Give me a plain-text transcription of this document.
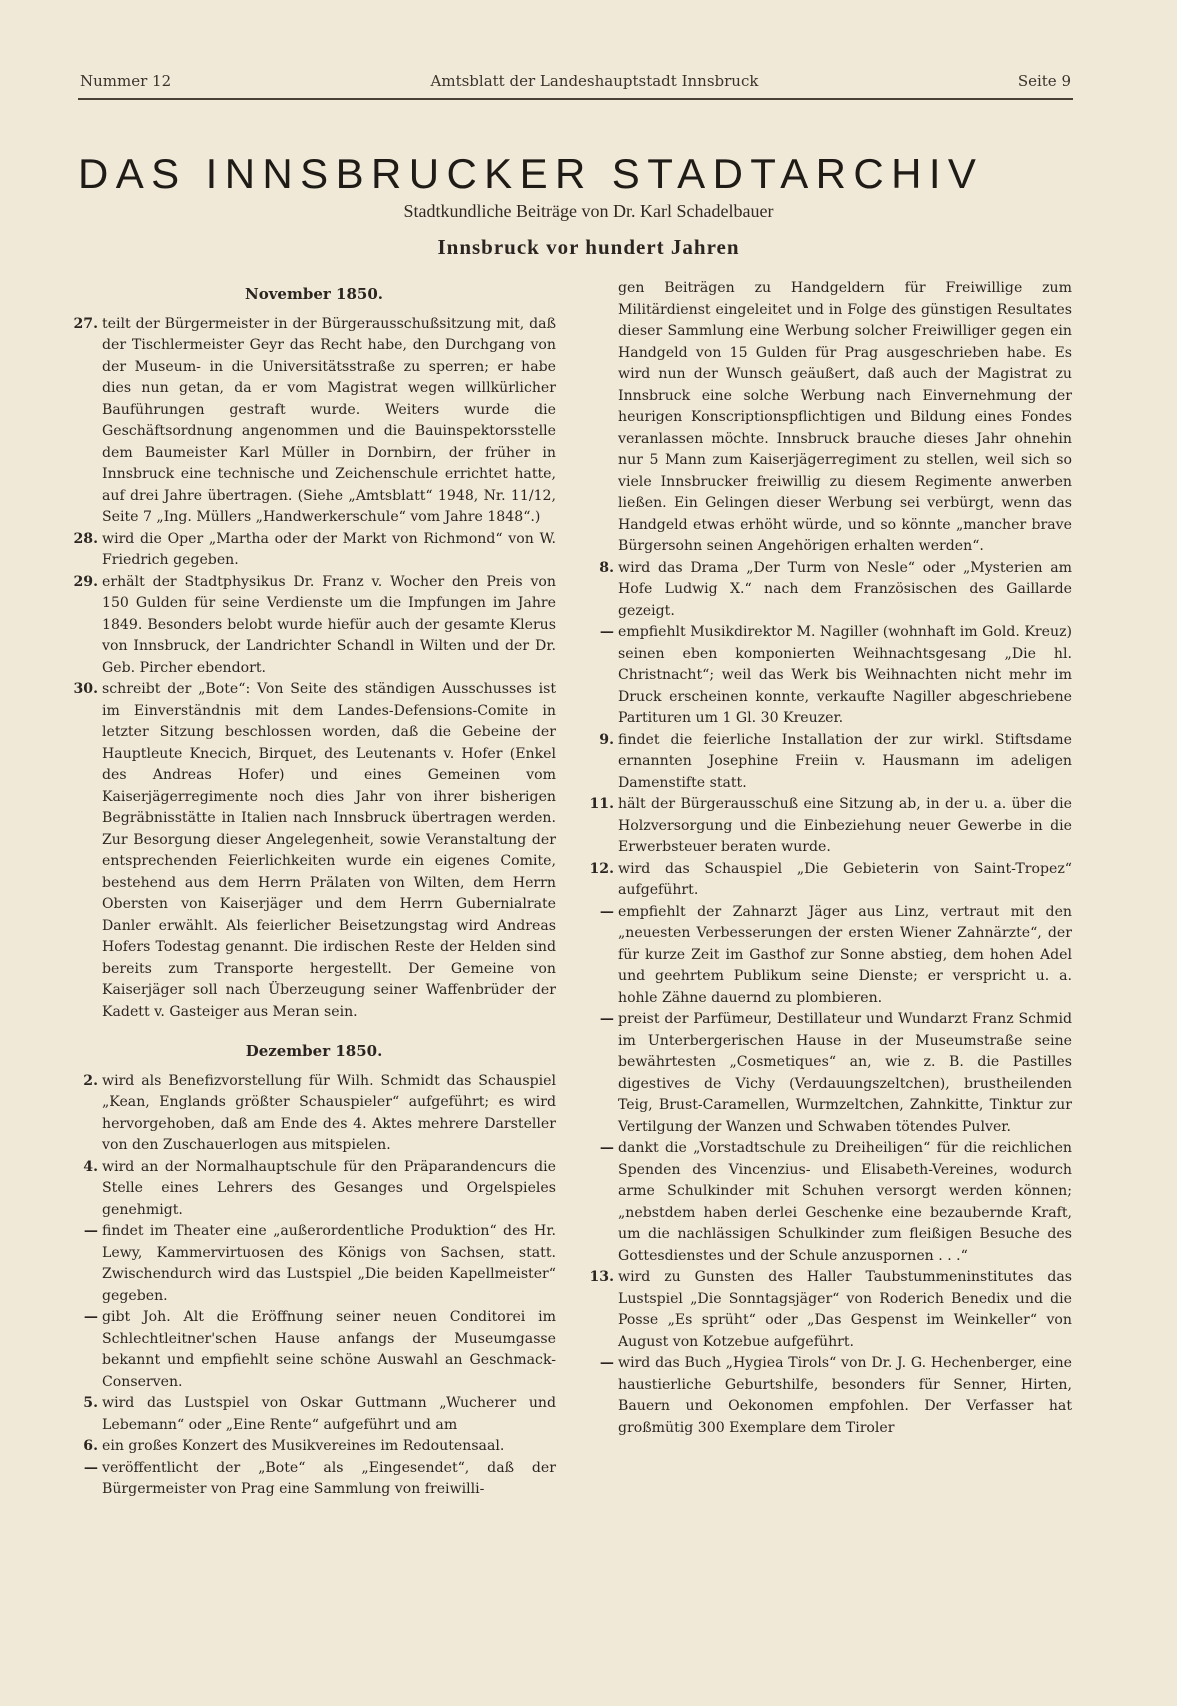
Nummer 12	Amtsblatt der Landeshauptstadt Innsbruck	Seite 9
DAS INNSBRUCKER STADTARCHIV
Stadtkundliche Beiträge von Dr. Karl Schadelbauer
Innsbruck vor hundert Jahren
November 1850.

27. teilt der Bürgermeister in der Bürgerausschußsitzung mit, daß der Tischlermeister Geyr das Recht habe, den Durchgang von der Museum- in die Universitätsstraße zu sperren; er habe dies nun getan, da er vom Magistrat wegen willkürlicher Bauführungen gestraft wurde. Weiters wurde die Geschäftsordnung angenommen und die Bauinspektorsstelle dem Baumeister Karl Müller in Dornbirn, der früher in Innsbruck eine technische und Zeichenschule errichtet hatte, auf drei Jahre übertragen. (Siehe „Amtsblatt“ 1948, Nr. 11/12, Seite 7 „Ing. Müllers „Handwerkerschule“ vom Jahre 1848“.)

28. wird die Oper „Martha oder der Markt von Richmond“ von W. Friedrich gegeben.

29. erhält der Stadtphysikus Dr. Franz v. Wocher den Preis von 150 Gulden für seine Verdienste um die Impfungen im Jahre 1849. Besonders belobt wurde hiefür auch der gesamte Klerus von Innsbruck, der Landrichter Schandl in Wilten und der Dr. Geb. Pircher ebendort.

30. schreibt der „Bote“: Von Seite des ständigen Ausschusses ist im Einverständnis mit dem Landes-Defensions-Comite in letzter Sitzung beschlossen worden, daß die Gebeine der Hauptleute Knecich, Birquet, des Leutenants v. Hofer (Enkel des Andreas Hofer) und eines Gemeinen vom Kaiserjägerregimente noch dies Jahr von ihrer bisherigen Begräbnisstätte in Italien nach Innsbruck übertragen werden. Zur Besorgung dieser Angelegenheit, sowie Veranstaltung der entsprechenden Feierlichkeiten wurde ein eigenes Comite, bestehend aus dem Herrn Prälaten von Wilten, dem Herrn Obersten von Kaiserjäger und dem Herrn Gubernialrate Danler erwählt. Als feierlicher Beisetzungstag wird Andreas Hofers Todestag genannt. Die irdischen Reste der Helden sind bereits zum Transporte hergestellt. Der Gemeine von Kaiserjäger soll nach Überzeugung seiner Waffenbrüder der Kadett v. Gasteiger aus Meran sein.

Dezember 1850.

2. wird als Benefizvorstellung für Wilh. Schmidt das Schauspiel „Kean, Englands größter Schauspieler“ aufgeführt; es wird hervorgehoben, daß am Ende des 4. Aktes mehrere Darsteller von den Zuschauerlogen aus mitspielen.

4. wird an der Normalhauptschule für den Präparandencurs die Stelle eines Lehrers des Gesanges und Orgelspieles genehmigt.

— findet im Theater eine „außerordentliche Produktion“ des Hr. Lewy, Kammervirtuosen des Königs von Sachsen, statt. Zwischendurch wird das Lustspiel „Die beiden Kapellmeister“ gegeben.

— gibt Joh. Alt die Eröffnung seiner neuen Conditorei im Schlechtleitner'schen Hause anfangs der Museumgasse bekannt und empfiehlt seine schöne Auswahl an Geschmack-Conserven.

5. wird das Lustspiel von Oskar Guttmann „Wucherer und Lebemann“ oder „Eine Rente“ aufgeführt und am

6. ein großes Konzert des Musikvereines im Redoutensaal.

— veröffentlicht der „Bote“ als „Eingesendet“, daß der Bürgermeister von Prag eine Sammlung von freiwilli-

gen Beiträgen zu Handgeldern für Freiwillige zum Militärdienst eingeleitet und in Folge des günstigen Resultates dieser Sammlung eine Werbung solcher Freiwilliger gegen ein Handgeld von 15 Gulden für Prag ausgeschrieben habe. Es wird nun der Wunsch geäußert, daß auch der Magistrat zu Innsbruck eine solche Werbung nach Einvernehmung der heurigen Konscriptionspflichtigen und Bildung eines Fondes veranlassen möchte. Innsbruck brauche dieses Jahr ohnehin nur 5 Mann zum Kaiserjägerregiment zu stellen, weil sich so viele Innsbrucker freiwillig zu diesem Regimente anwerben ließen. Ein Gelingen dieser Werbung sei verbürgt, wenn das Handgeld etwas erhöht würde, und so könnte „mancher brave Bürgersohn seinen Angehörigen erhalten werden“.

8. wird das Drama „Der Turm von Nesle“ oder „Mysterien am Hofe Ludwig X.“ nach dem Französischen des Gaillarde gezeigt.

— empfiehlt Musikdirektor M. Nagiller (wohnhaft im Gold. Kreuz) seinen eben komponierten Weihnachtsgesang „Die hl. Christnacht“; weil das Werk bis Weihnachten nicht mehr im Druck erscheinen konnte, verkaufte Nagiller abgeschriebene Partituren um 1 Gl. 30 Kreuzer.

9. findet die feierliche Installation der zur wirkl. Stiftsdame ernannten Josephine Freiin v. Hausmann im adeligen Damenstifte statt.

11. hält der Bürgerausschuß eine Sitzung ab, in der u. a. über die Holzversorgung und die Einbeziehung neuer Gewerbe in die Erwerbsteuer beraten wurde.

12. wird das Schauspiel „Die Gebieterin von Saint-Tropez“ aufgeführt.

— empfiehlt der Zahnarzt Jäger aus Linz, vertraut mit den „neuesten Verbesserungen der ersten Wiener Zahnärzte“, der für kurze Zeit im Gasthof zur Sonne abstieg, dem hohen Adel und geehrtem Publikum seine Dienste; er verspricht u. a. hohle Zähne dauernd zu plombieren.

— preist der Parfümeur, Destillateur und Wundarzt Franz Schmid im Unterbergerischen Hause in der Museumstraße seine bewährtesten „Cosmetiques“ an, wie z. B. die Pastilles digestives de Vichy (Verdauungszeltchen), brustheilenden Teig, Brust-Caramellen, Wurmzeltchen, Zahnkitte, Tinktur zur Vertilgung der Wanzen und Schwaben tötendes Pulver.

— dankt die „Vorstadtschule zu Dreiheiligen“ für die reichlichen Spenden des Vincenzius- und Elisabeth-Vereines, wodurch arme Schulkinder mit Schuhen versorgt werden können; „nebstdem haben derlei Geschenke eine bezaubernde Kraft, um die nachlässigen Schulkinder zum fleißigen Besuche des Gottesdienstes und der Schule anzuspornen . . .“

13. wird zu Gunsten des Haller Taubstummeninstitutes das Lustspiel „Die Sonntagsjäger“ von Roderich Benedix und die Posse „Es sprüht“ oder „Das Gespenst im Weinkeller“ von August von Kotzebue aufgeführt.

— wird das Buch „Hygiea Tirols“ von Dr. J. G. Hechenberger, eine haustierliche Geburtshilfe, besonders für Senner, Hirten, Bauern und Oekonomen empfohlen. Der Verfasser hat großmütig 300 Exemplare dem Tiroler
